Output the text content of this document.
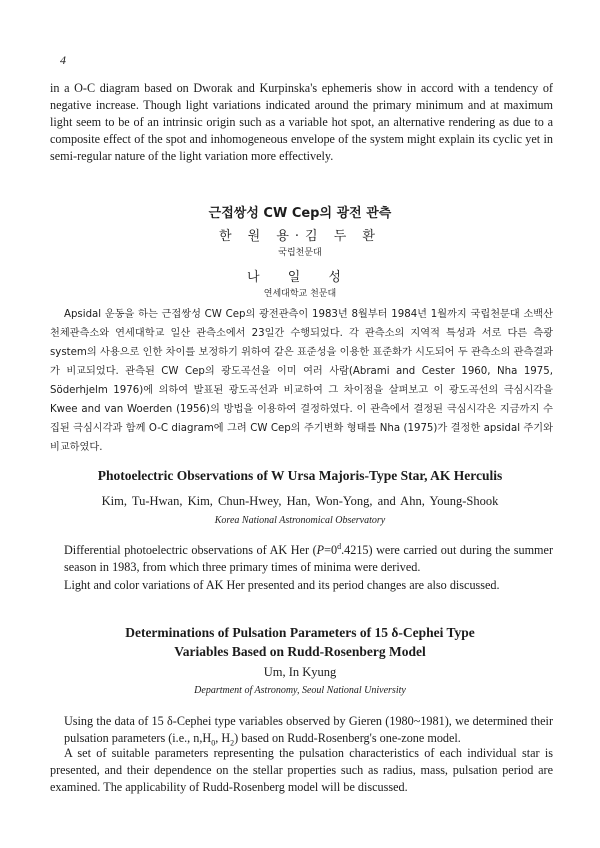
4

in a O-C diagram based on Dworak and Kurpinska's ephemeris show in accord with a tendency of negative increase. Though light variations indicated around the primary minimum and at maximum light seem to be of an intrinsic origin such as a variable hot spot, an alternative rendering as due to a composite effect of the spot and inhomogeneous envelope of the system might explain its cyclic yet in semi-regular nature of the light variation more effectively.

근접쌍성 CW Cep의 광전 관측
한 원 용·김 두 환
국립천문대
나 일 성
연세대학교 천문대

Apsidal 운동을 하는 근접쌍성 CW Cep의 광전관측이 1983년 8월부터 1984년 1월까지 국립천문대 소백산 천체관측소와 연세대학교 일산 관측소에서 23일간 수행되었다. 각 관측소의 지역적 특성과 서로 다른 측광 system의 사용으로 인한 차이를 보정하기 위하여 같은 표준성을 이용한 표준화가 시도되어 두 관측소의 관측결과가 비교되었다. 관측된 CW Cep의 광도곡선을 이미 여러 사람(Abrami and Cester 1960, Nha 1975, Söderhjelm 1976)에 의하여 발표된 광도곡선과 비교하여 그 차이점을 살펴보고 이 광도곡선의 극심시각을 Kwee and van Woerden (1956)의 방법을 이용하여 결정하였다. 이 관측에서 결정된 극심시각은 지금까지 수집된 극심시각과 함께 O-C diagram에 그려 CW Cep의 주기변화 형태를 Nha (1975)가 결정한 apsidal 주기와 비교하였다.

Photoelectric Observations of W Ursa Majoris-Type Star, AK Herculis
Kim, Tu-Hwan, Kim, Chun-Hwey, Han, Won-Yong, and Ahn, Young-Shook
Korea National Astronomical Observatory

Differential photoelectric observations of AK Her $(P=0^d.4215)$ were carried out during the summer season in 1983, from which three primary times of minima were derived.

Light and color variations of AK Her presented and its period changes are also discussed.

Determinations of Pulsation Parameters of 15 δ-Cephei Type
Variables Based on Rudd-Rosenberg Model
Um, In Kyung
Department of Astronomy, Seoul National University

Using the data of 15 δ-Cephei type variables observed by Gieren (1980~1981), we determined their pulsation parameters (i.e., $n,H_0$, $H_2$) based on Rudd-Rosenberg's one-zone model.

A set of suitable parameters representing the pulsation characteristics of each individual star is presented, and their dependence on the stellar properties such as radius, mass, pulsation period are examined. The applicability of Rudd-Rosenberg model will be discussed.
